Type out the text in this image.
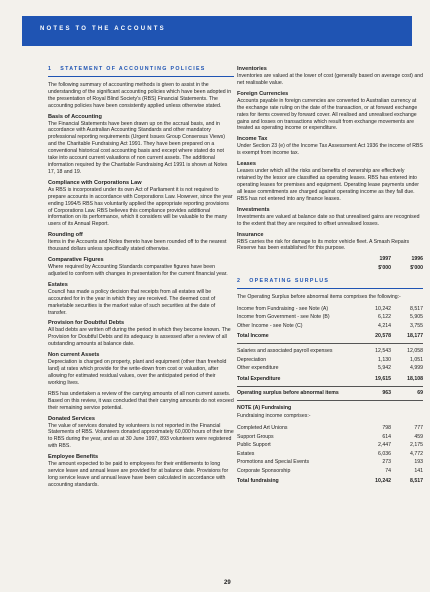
NOTES TO THE ACCOUNTS
1 STATEMENT OF ACCOUNTING POLICIES

The following summary of accounting methods is given to assist in the understanding of the significant accounting policies which have been adopted in the presentation of Royal Blind Society's (RBS) Financial Statements. The accounting policies have been consistently applied unless otherwise stated.

Basis of Accounting

The Financial Statements have been drawn up on the accrual basis, and in accordance with Australian Accounting Standards and other mandatory professional reporting requirements (Urgent Issues Group Consensus Views) and the Charitable Fundraising Act 1991. They have been prepared on a conventional historical cost accounting basis and except where stated do not take into account current valuations of non current assets. The additional information required by the Charitable Fundraising Act 1991 is shown at Notes 17, 18 and 19.

Compliance with Corporations Law

As RBS is incorporated under its own Act of Parliament it is not required to prepare accounts in accordance with Corporations Law. However, since the year ending 1994/5 RBS has voluntarily applied the appropriate reporting provisions of Corporations Law. RBS believes this compliance provides additional information on its performance, which it considers will be valuable to the many users of its Annual Report.

Rounding off

Items in the Accounts and Notes thereto have been rounded off to the nearest thousand dollars unless specifically stated otherwise.

Comparative Figures

Where required by Accounting Standards comparative figures have been adjusted to conform with changes in presentation for the current financial year.

Estates

Council has made a policy decision that receipts from all estates will be accounted for in the year in which they are received. The deemed cost of marketable securities is the market value of such securities at the date of transfer.

Provision for Doubtful Debts

All bad debts are written off during the period in which they become known. The Provision for Doubtful Debts and its adequacy is assessed after a review of all outstanding amounts at balance date.

Non current Assets

Depreciation is charged on property, plant and equipment (other than freehold land) at rates which provide for the write-down from cost or valuation, after allowing for estimated residual values, over the anticipated period of their working lives.

RBS has undertaken a review of the carrying amounts of all non current assets. Based on this review, it was concluded that their carrying amounts do not exceed their remaining service potential.

Donated Services

The value of services donated by volunteers is not reported in the Financial Statements of RBS. Volunteers donated approximately 60,000 hours of their time to RBS during the year, and as at 30 June 1997, 893 volunteers were registered with RBS.

Employee Benefits

The amount expected to be paid to employees for their entitlements to long service leave and annual leave are provided for at balance date. Provisions for long service leave and annual leave have been calculated in accordance with accounting standards.

Inventories

Inventories are valued at the lower of cost (generally based on average cost) and net realisable value.

Foreign Currencies

Accounts payable in foreign currencies are converted to Australian currency at the exchange rate ruling on the date of the transaction, or at forward exchange rates for items covered by forward cover. All realised and unrealised exchange gains and losses on transactions which result from exchange movements are treated as operating income or expenditure.

Income Tax

Under Section 23 (e) of the Income Tax Assessment Act 1936 the income of RBS is exempt from income tax.

Leases

Leases under which all the risks and benefits of ownership are effectively retained by the lessor are classified as operating leases. RBS has entered into operating leases for premises and equipment. Operating lease payments under all lease commitments are charged against operating income as they fall due. RBS has not entered into any finance leases.

Investments

Investments are valued at balance date so that unrealised gains are recognised to the extent that they are required to offset unrealised losses.

Insurance

RBS carries the risk for damage to its motor vehicle fleet. A Smash Repairs Reserve has been established for this purpose.

1997	1996
$'000	$'000
2 OPERATING SURPLUS

The Operating Surplus before abnormal items comprises the following:-

Income from Fundraising - see Note (A)	10,242	8,517
Income from Government - see Note (B)	6,122	5,905
Other Income - see Note (C)	4,214	3,755
Total Income	20,578	18,177
Salaries and associated payroll expenses	12,543	12,058
Depreciation	1,130	1,051
Other expenditure	5,942	4,999
Total Expenditure	19,615	18,108
Operating surplus before abnormal items	963	69
NOTE (A) Fundraising		
Fundraising income comprises:-		
Completed Art Unions	798	777
Support Groups	614	459
Public Support	2,447	2,175
Estates	6,036	4,772
Promotions and Special Events	273	193
Corporate Sponsorship	74	141
Total fundraising	10,242	8,517
29
